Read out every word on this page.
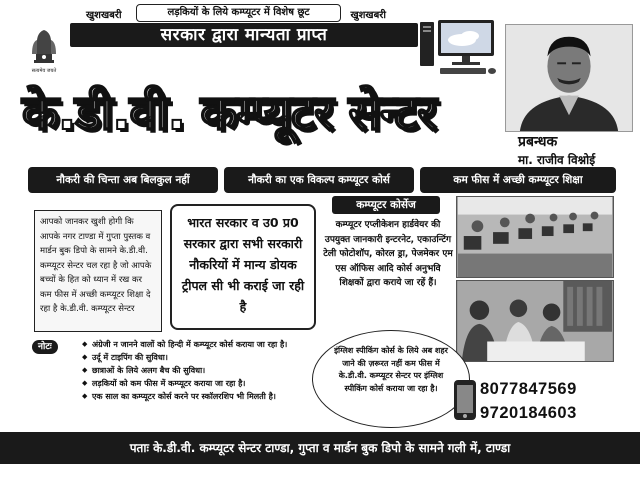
सत्यमेव जयते
खुशखबरी	लड़कियों के लिये कम्प्यूटर में विशेष छूट	खुशखबरी
सरकार द्वारा मान्यता प्राप्त
के.डी.वी. कम्प्यूटर सेन्टर
प्रबन्धक
मा. राजीव विश्नोई
नौकरी की चिन्ता अब बिलकुल नहीं	नौकरी का एक विकल्प कम्प्यूटर कोर्स	कम फीस में अच्छी कम्प्यूटर शिक्षा
आपको जानकर खुशी होगी कि आपके नगर टाण्डा में गुप्ता पुस्तक व मार्डन बुक डिपो के सामने के.डी.वी. कम्प्यूटर सेन्टर चल रहा है जो आपके बच्चों के हित को ध्यान में रख कर कम फीस में अच्छी कम्प्यूटर शिक्षा दे रहा है के.डी.वी. कम्प्यूटर सेन्टर
भारत सरकार व उ0 प्र0 सरकार द्वारा सभी सरकारी नौकरियों में मान्य डोयक ट्रीपल सी भी कराई जा रही है
कम्प्यूटर कोर्सेज
कम्प्यूटर एप्लीकेशन हार्डवेयर की उपयुक्त जानकारी इन्टरनेट, एकाउन्टिंग टेली फोटोशॉप, कोरल ड्रा, पेजमेकर एम एस ऑफिस आदि कोर्स अनुभवि शिक्षकों द्वारा कराये जा रहें हैं।
नोटः
◆	अंग्रेजी न जानने वालों को हिन्दी में कम्प्यूटर कोर्स कराया जा रहा है।
◆ उर्दू में टाइपिंग की सुविधा।
◆ छात्राओं के लिये अलग बैच की सुविधा।
◆ लड़कियों को कम फीस में कम्प्यूटर कराया जा रहा है।
◆ एक साल का कम्प्यूटर कोर्स करने पर स्कॉलरशिप भी मिलती है।
इंग्लिश स्पीकिंग कोर्स के लिये अब शहर जाने की ज़रूरत नहीं कम फीस में के.डी.वी. कम्प्यूटर सेन्टर पर इंग्लिश स्पीकिंग कोर्स कराया जा रहा है।	8077847569
9720184603
पताः के.डी.वी. कम्प्यूटर सेन्टर टाण्डा, गुप्ता व मार्डन बुक डिपो के सामने गली में, टाण्डा
